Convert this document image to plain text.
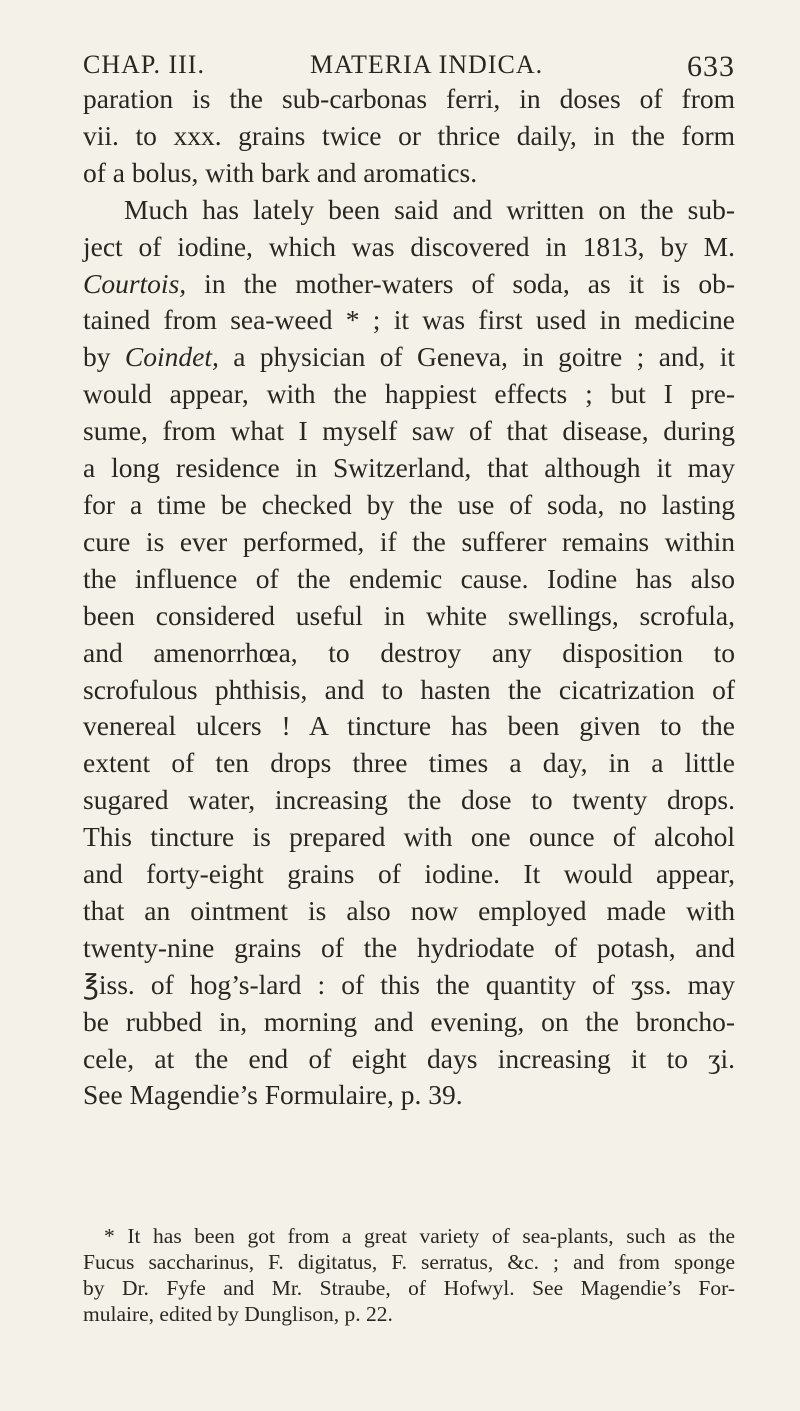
CHAP. III.	MATERIA INDICA.	633

paration is the sub-carbonas ferri, in doses of from
vii. to xxx. grains twice or thrice daily, in the form
of a bolus, with bark and aromatics.

Much has lately been said and written on the sub-
ject of iodine, which was discovered in 1813, by M.
Courtois, in the mother-waters of soda, as it is ob-
tained from sea-weed * ; it was first used in medicine
by Coindet, a physician of Geneva, in goitre ; and, it
would appear, with the happiest effects ; but I pre-
sume, from what I myself saw of that disease, during
a long residence in Switzerland, that although it may
for a time be checked by the use of soda, no lasting
cure is ever performed, if the sufferer remains within
the influence of the endemic cause. Iodine has also
been considered useful in white swellings, scrofula,
and amenorrhœa, to destroy any disposition to
scrofulous phthisis, and to hasten the cicatrization of
venereal ulcers ! A tincture has been given to the
extent of ten drops three times a day, in a little
sugared water, increasing the dose to twenty drops.
This tincture is prepared with one ounce of alcohol
and forty-eight grains of iodine. It would appear,
that an ointment is also now employed made with
twenty-nine grains of the hydriodate of potash, and
℥iss. of hog’s-lard : of this the quantity of ʒss. may
be rubbed in, morning and evening, on the broncho-
cele, at the end of eight days increasing it to ʒi.
See Magendie’s Formulaire, p. 39.

* It has been got from a great variety of sea-plants, such as the
Fucus saccharinus, F. digitatus, F. serratus, &c. ; and from sponge
by Dr. Fyfe and Mr. Straube, of Hofwyl. See Magendie’s For-
mulaire, edited by Dunglison, p. 22.
